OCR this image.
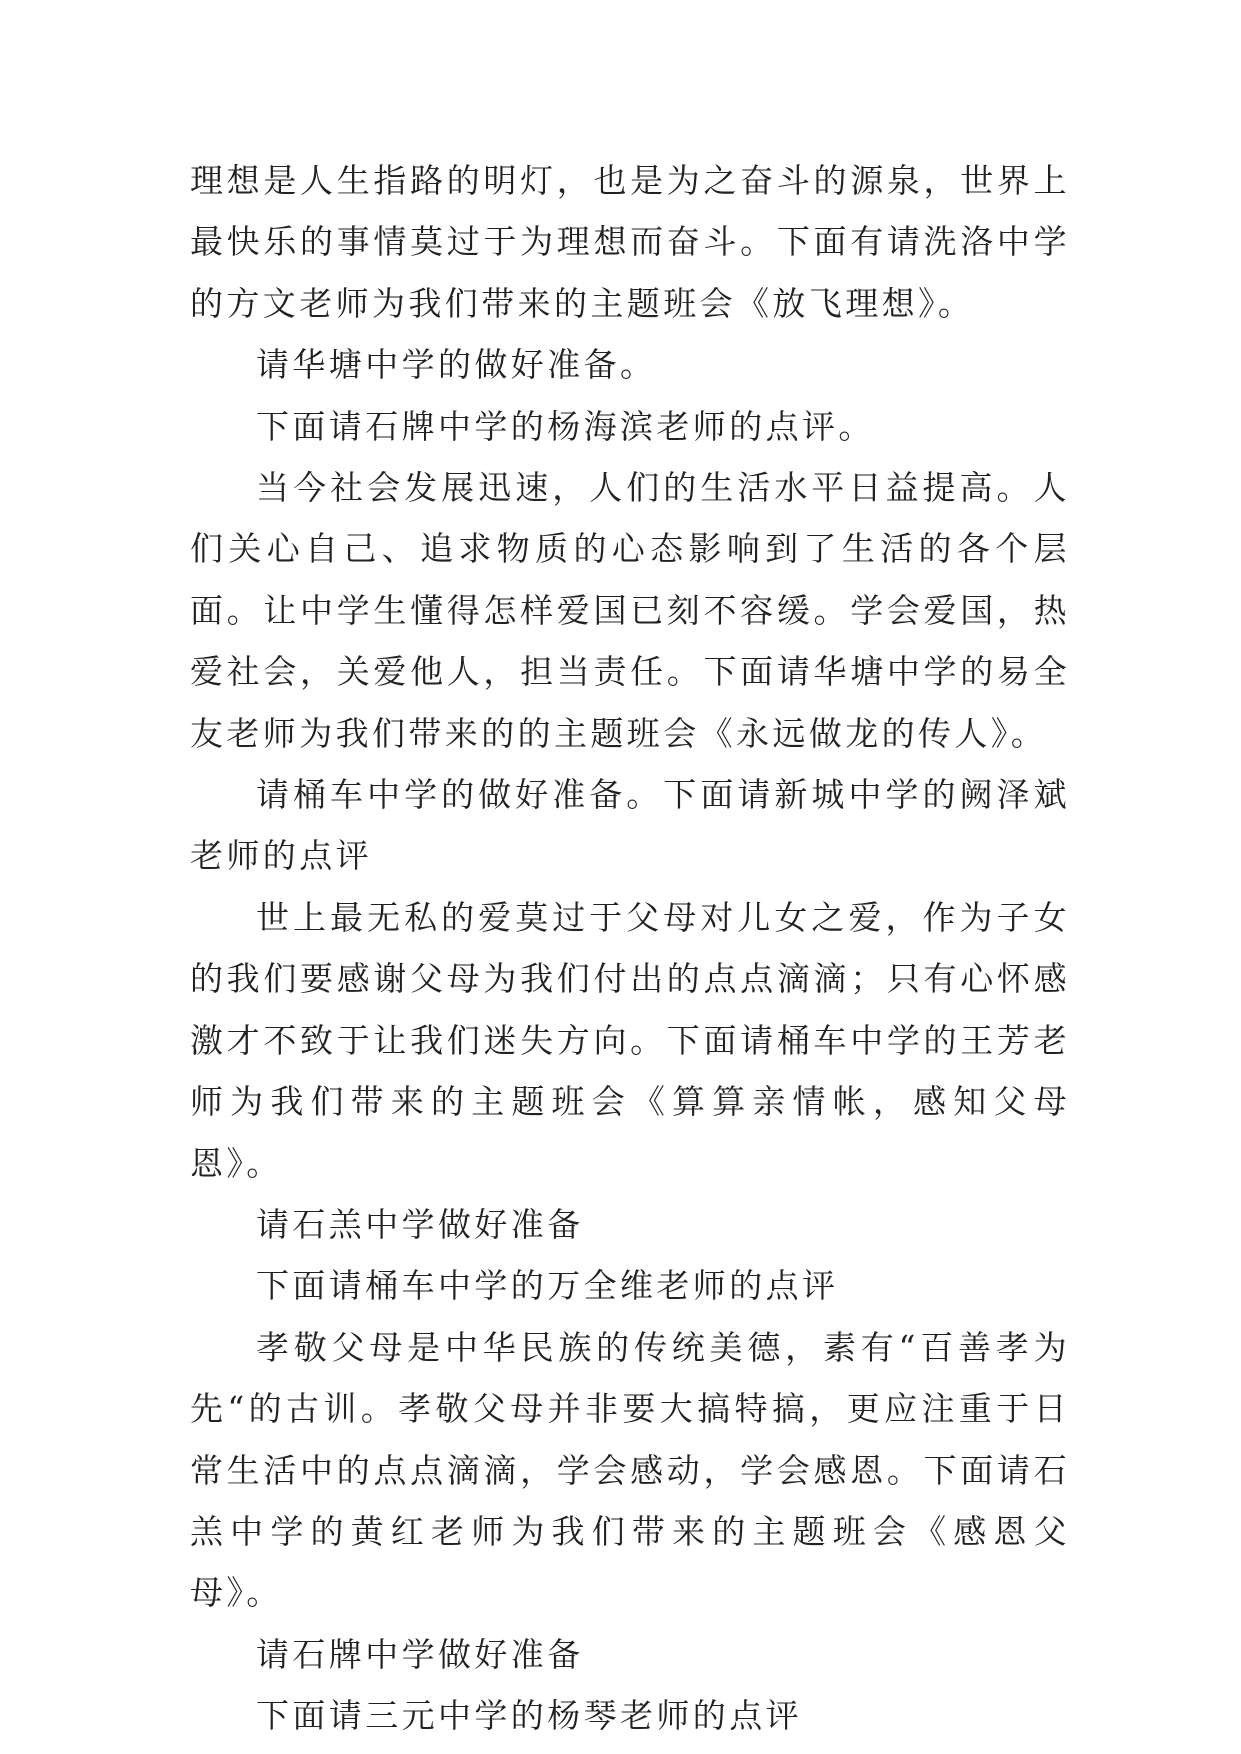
理想是人生指路的明灯，也是为之奋斗的源泉，世界上最快乐的事情莫过于为理想而奋斗。下面有请洗洛中学的方文老师为我们带来的主题班会《放飞理想》。

请华塘中学的做好准备。

下面请石牌中学的杨海滨老师的点评。

当今社会发展迅速，人们的生活水平日益提高。人们关心自己、追求物质的心态影响到了生活的各个层面。让中学生懂得怎样爱国已刻不容缓。学会爱国，热爱社会，关爱他人，担当责任。下面请华塘中学的易全友老师为我们带来的的主题班会《永远做龙的传人》。

请桶车中学的做好准备。下面请新城中学的阙泽斌老师的点评

世上最无私的爱莫过于父母对儿女之爱，作为子女的我们要感谢父母为我们付出的点点滴滴；只有心怀感激才不致于让我们迷失方向。下面请桶车中学的王芳老师为我们带来的主题班会《算算亲情帐，感知父母恩》。

请石羔中学做好准备

下面请桶车中学的万全维老师的点评

孝敬父母是中华民族的传统美德，素有“百善孝为先“的古训。孝敬父母并非要大搞特搞，更应注重于日常生活中的点点滴滴，学会感动，学会感恩。下面请石羔中学的黄红老师为我们带来的主题班会《感恩父母》。

请石牌中学做好准备

下面请三元中学的杨琴老师的点评
